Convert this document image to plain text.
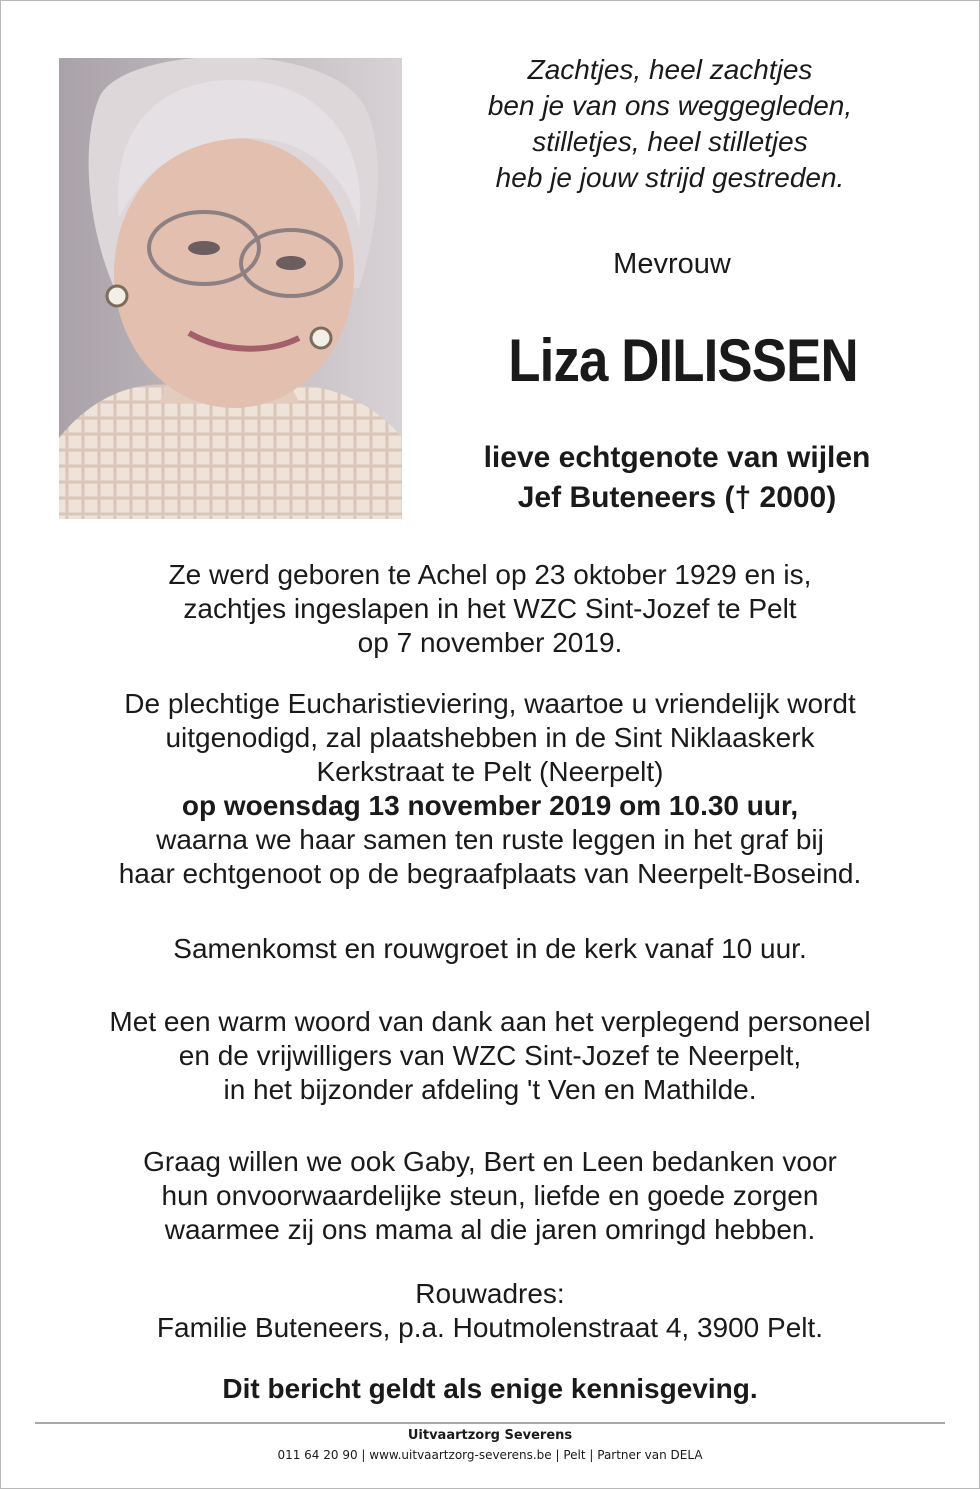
Zachtjes, heel zachtjes
ben je van ons weggegleden,
stilletjes, heel stilletjes
heb je jouw strijd gestreden.
Mevrouw
Liza DILISSEN
lieve echtgenote van wijlen
Jef Buteneers († 2000)
Ze werd geboren te Achel op 23 oktober 1929 en is,
zachtjes ingeslapen in het WZC Sint-Jozef te Pelt
op 7 november 2019.
De plechtige Eucharistieviering, waartoe u vriendelijk wordt
uitgenodigd, zal plaatshebben in de Sint Niklaaskerk
Kerkstraat te Pelt (Neerpelt)
op woensdag 13 november 2019 om 10.30 uur,
waarna we haar samen ten ruste leggen in het graf bij
haar echtgenoot op de begraafplaats van Neerpelt-Boseind.
Samenkomst en rouwgroet in de kerk vanaf 10 uur.
Met een warm woord van dank aan het verplegend personeel
en de vrijwilligers van WZC Sint-Jozef te Neerpelt,
in het bijzonder afdeling 't Ven en Mathilde.
Graag willen we ook Gaby, Bert en Leen bedanken voor
hun onvoorwaardelijke steun, liefde en goede zorgen
waarmee zij ons mama al die jaren omringd hebben.
Rouwadres:
Familie Buteneers, p.a. Houtmolenstraat 4, 3900 Pelt.
Dit bericht geldt als enige kennisgeving.
Uitvaartzorg Severens
011 64 20 90 | www.uitvaartzorg-severens.be | Pelt | Partner van DELA
